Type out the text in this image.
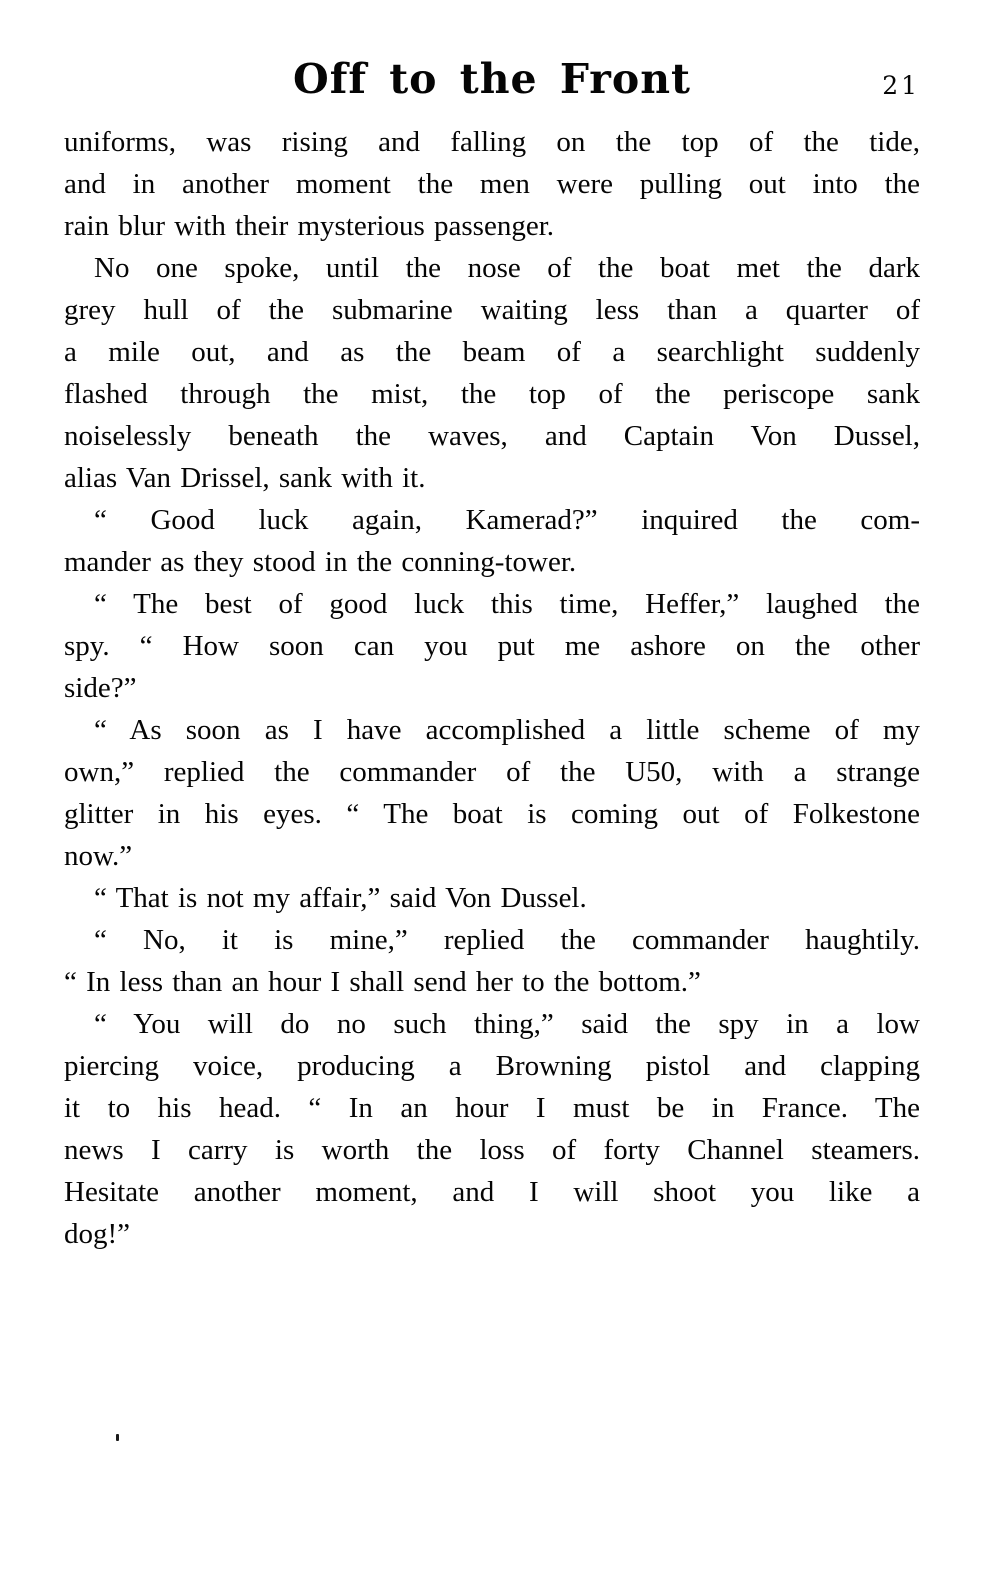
Off to the Front	21

uniforms, was rising and falling on the top of the tide,
and in another moment the men were pulling out into the
rain blur with their mysterious passenger.

No one spoke, until the nose of the boat met the dark
grey hull of the submarine waiting less than a quarter of
a mile out, and as the beam of a searchlight suddenly
flashed through the mist, the top of the periscope sank
noiselessly beneath the waves, and Captain Von Dussel,
alias Van Drissel, sank with it.

“ Good luck again, Kamerad?” inquired the com-
mander as they stood in the conning-tower.

“ The best of good luck this time, Heffer,” laughed the
spy. “ How soon can you put me ashore on the other
side?”

“ As soon as I have accomplished a little scheme of my
own,” replied the commander of the U50, with a strange
glitter in his eyes. “ The boat is coming out of Folkestone
now.”

“ That is not my affair,” said Von Dussel.

“ No, it is mine,” replied the commander haughtily.
“ In less than an hour I shall send her to the bottom.”

“ You will do no such thing,” said the spy in a low
piercing voice, producing a Browning pistol and clapping
it to his head. “ In an hour I must be in France. The
news I carry is worth the loss of forty Channel steamers.
Hesitate another moment, and I will shoot you like a
dog!”
